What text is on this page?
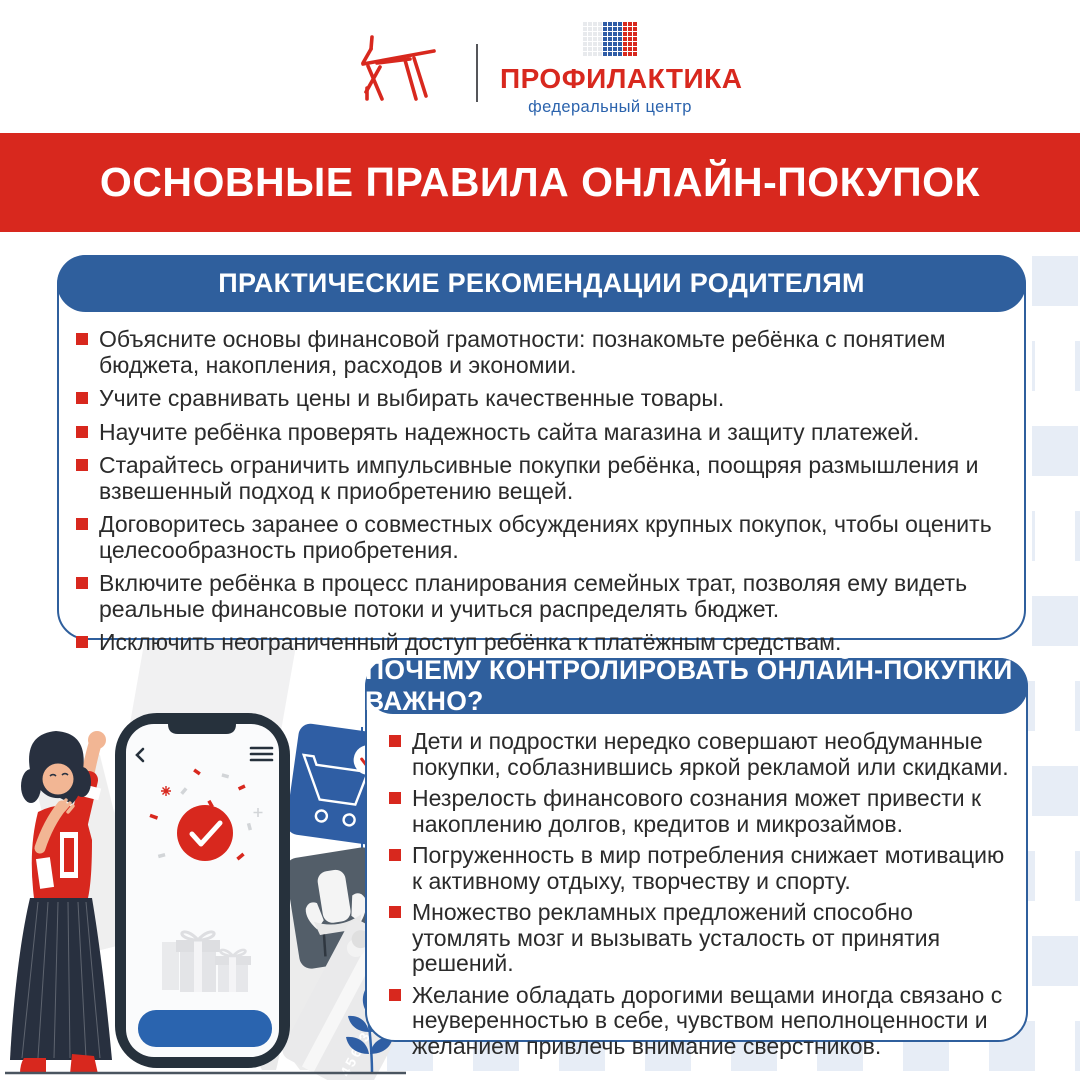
ПРОФИЛАКТИКА
федеральный центр
ОСНОВНЫЕ ПРАВИЛА ОНЛАЙН-ПОКУПОК
456
ПРАКТИЧЕСКИЕ РЕКОМЕНДАЦИИ РОДИТЕЛЯМ
Объясните основы финансовой грамотности: познакомьте ребёнка с понятием бюджета, накопления, расходов и экономии.
Учите сравнивать цены и выбирать качественные товары.
Научите ребёнка проверять надежность сайта магазина и защиту платежей.
Старайтесь ограничить импульсивные покупки ребёнка, поощряя размышления и взвешенный подход к приобретению вещей.
Договоритесь заранее о совместных обсуждениях крупных покупок, чтобы оценить целесообразность приобретения.
Включите ребёнка в процесс планирования семейных трат, позволяя ему видеть реальные финансовые потоки и учиться распределять бюджет.
Исключить неограниченный доступ ребёнка к платёжным средствам.
ПОЧЕМУ КОНТРОЛИРОВАТЬ ОНЛАЙН-ПОКУПКИ ВАЖНО?
Дети и подростки нередко совершают необдуманные покупки, соблазнившись яркой рекламой или скидками.
Незрелость финансового сознания может привести к накоплению долгов, кредитов и микрозаймов.
Погруженность в мир потребления снижает мотивацию к активному отдыху, творчеству и спорту.
Множество рекламных предложений способно утомлять мозг и вызывать усталость от принятия решений.
Желание обладать дорогими вещами иногда связано с неуверенностью в себе, чувством неполноценности и желанием привлечь внимание сверстников.
